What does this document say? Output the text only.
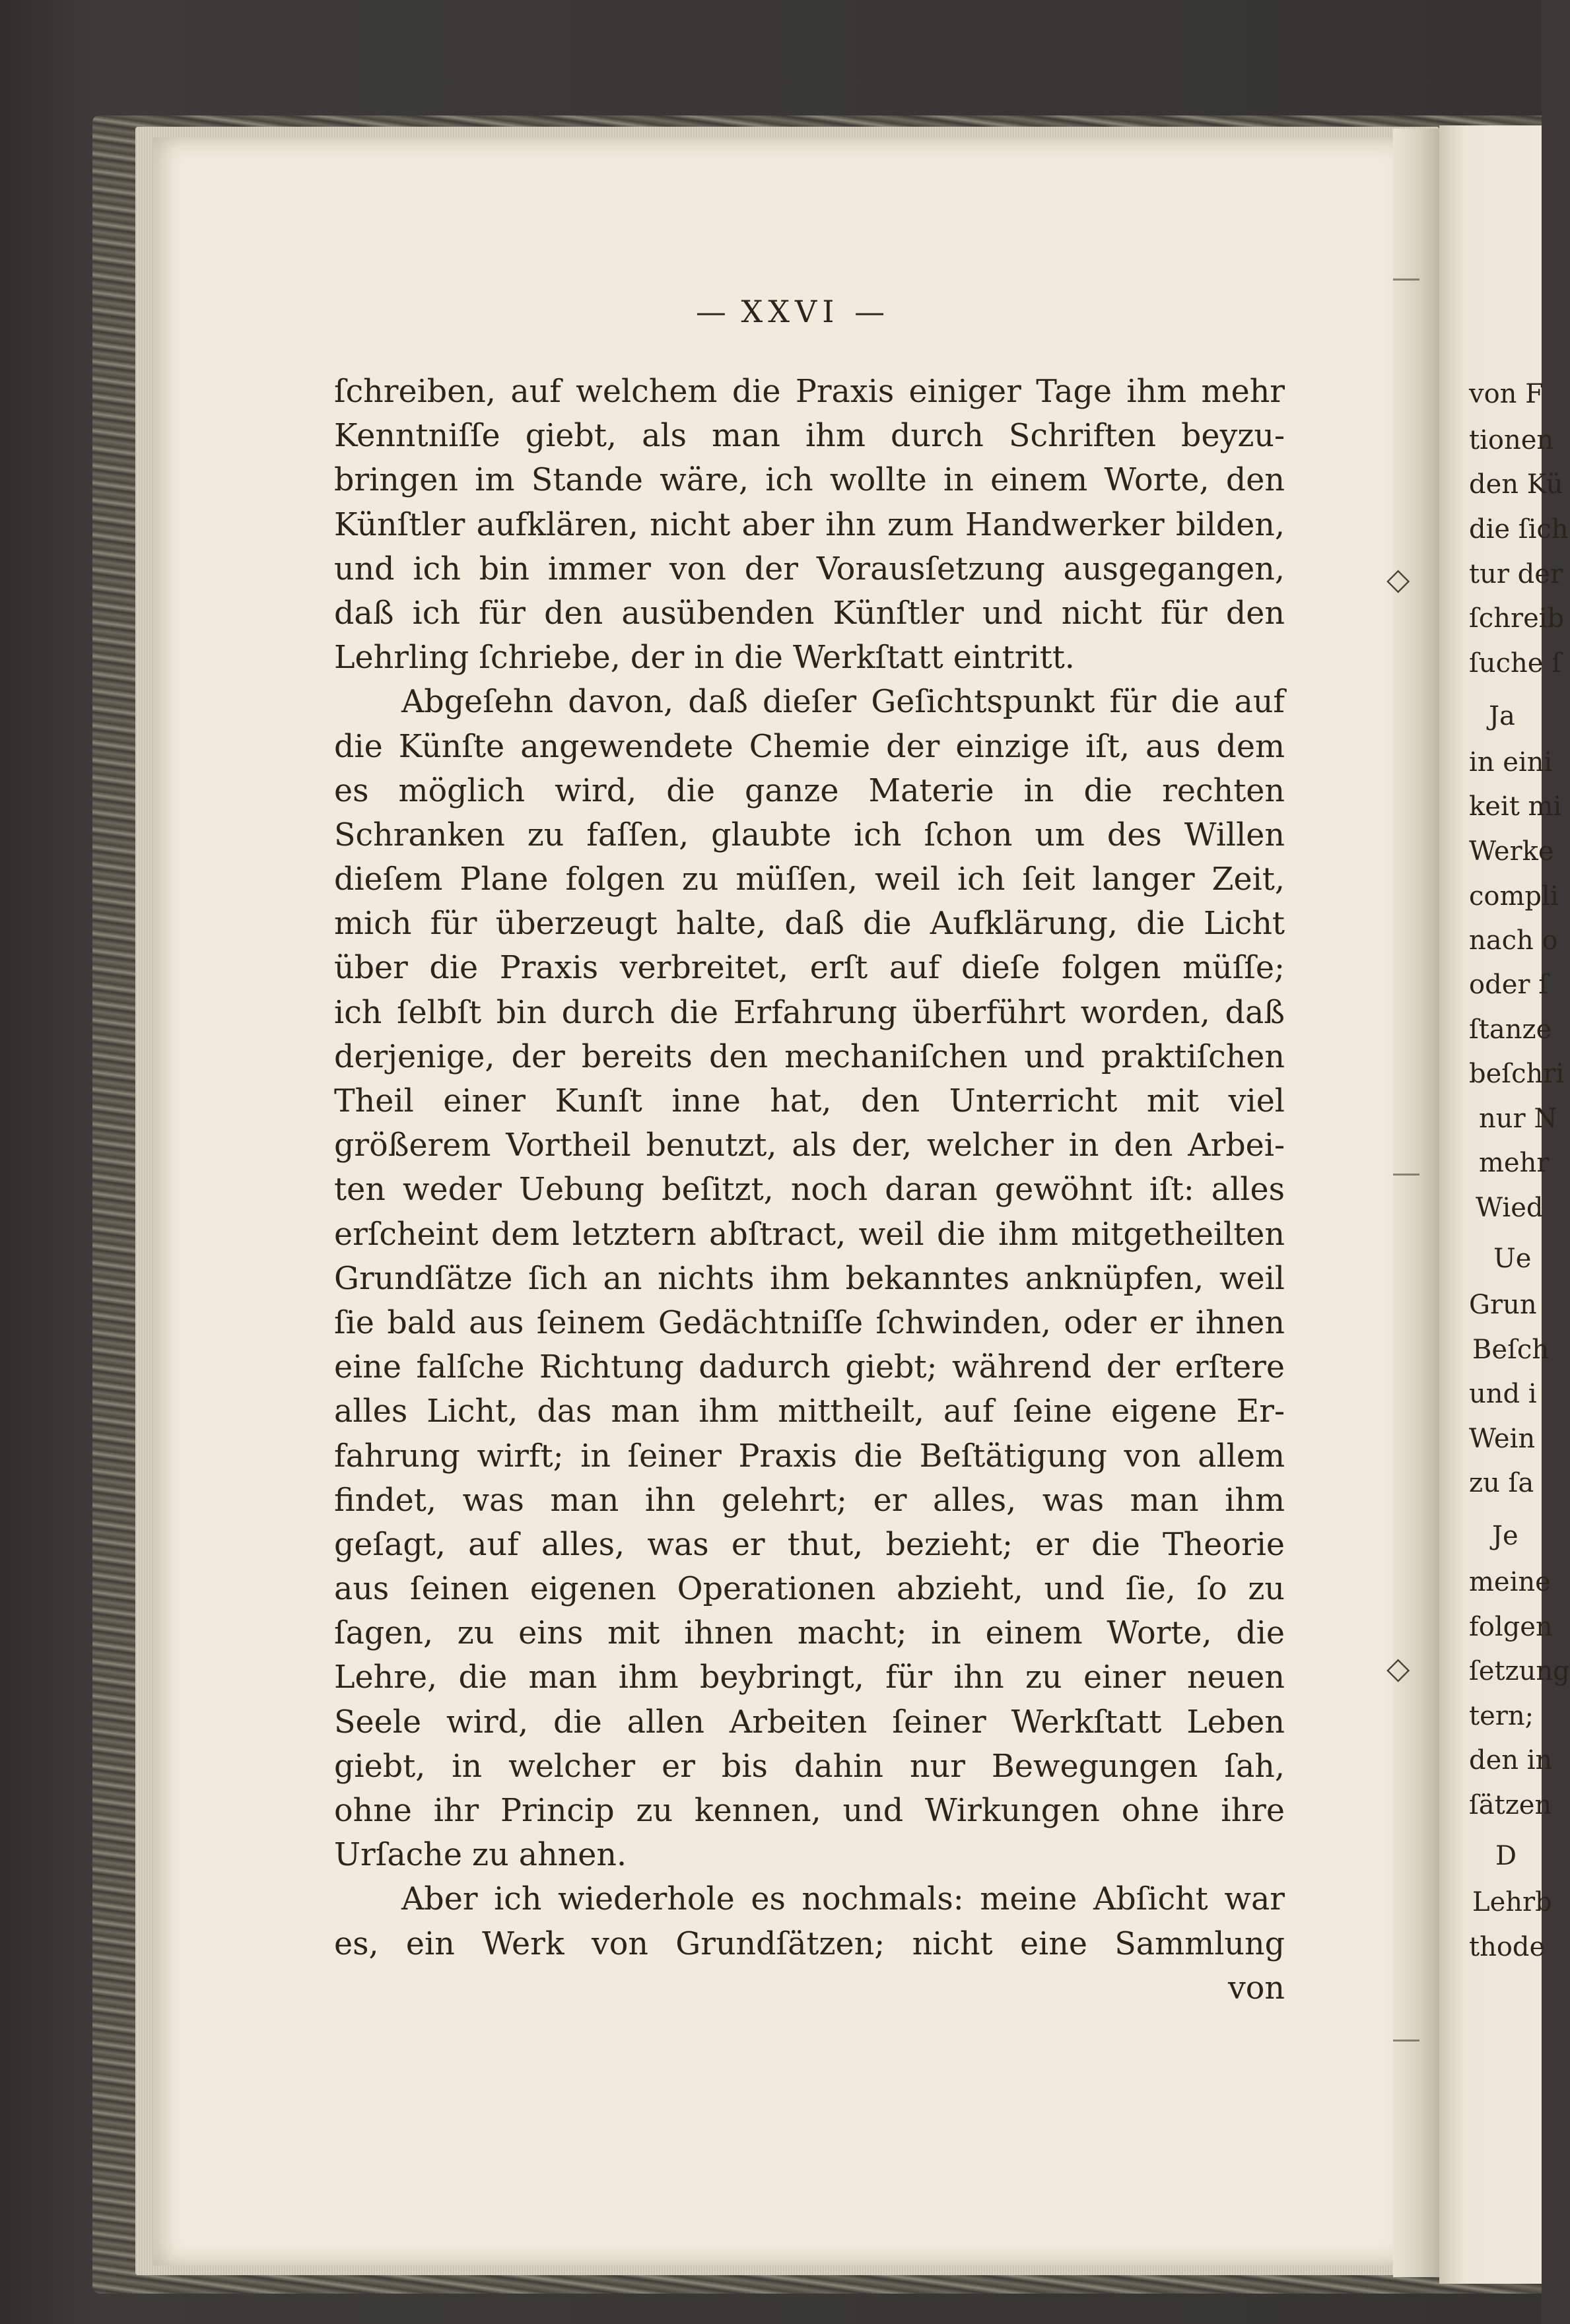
— XXVI —
ſchreiben, auf welchem die Praxis einiger Tage ihm mehr
Kenntniſſe giebt, als man ihm durch Schriften beyzu-
bringen im Stande wäre, ich wollte in einem Worte, den
Künſtler aufklären, nicht aber ihn zum Handwerker bilden,
und ich bin immer von der Vorausſetzung ausgegangen,
daß ich für den ausübenden Künſtler und nicht für den
Lehrling ſchriebe, der in die Werkſtatt eintritt.
Abgeſehn davon, daß dieſer Geſichtspunkt für die auf
die Künſte angewendete Chemie der einzige iſt, aus dem
es möglich wird, die ganze Materie in die rechten
Schranken zu faſſen, glaubte ich ſchon um des Willen
dieſem Plane folgen zu müſſen, weil ich ſeit langer Zeit,
mich für überzeugt halte, daß die Aufklärung, die Licht
über die Praxis verbreitet, erſt auf dieſe folgen müſſe;
ich ſelbſt bin durch die Erfahrung überführt worden, daß
derjenige, der bereits den mechaniſchen und praktiſchen
Theil einer Kunſt inne hat, den Unterricht mit viel
größerem Vortheil benutzt, als der, welcher in den Arbei-
ten weder Uebung beſitzt, noch daran gewöhnt iſt: alles
erſcheint dem letztern abſtract, weil die ihm mitgetheilten
Grundſätze ſich an nichts ihm bekanntes anknüpfen, weil
ſie bald aus ſeinem Gedächtniſſe ſchwinden, oder er ihnen
eine falſche Richtung dadurch giebt; während der erſtere
alles Licht, das man ihm mittheilt, auf ſeine eigene Er-
fahrung wirft; in ſeiner Praxis die Beſtätigung von allem
findet, was man ihn gelehrt; er alles, was man ihm
geſagt, auf alles, was er thut, bezieht; er die Theorie
aus ſeinen eigenen Operationen abzieht, und ſie, ſo zu
ſagen, zu eins mit ihnen macht; in einem Worte, die
Lehre, die man ihm beybringt, für ihn zu einer neuen
Seele wird, die allen Arbeiten ſeiner Werkſtatt Leben
giebt, in welcher er bis dahin nur Bewegungen ſah,
ohne ihr Princip zu kennen, und Wirkungen ohne ihre
Urſache zu ahnen.
Aber ich wiederhole es nochmals: meine Abſicht war
es, ein Werk von Grundſätzen; nicht eine Sammlung
von
von F
tionen
den Kü
die ſich
tur der
ſchreib
ſuche ſ
Ja
in eini
keit mi
Werke
compli
nach o
oder ſ
ſtanze
beſchri
nur N
mehr
Wied
Ue
Grun
Beſch
und i
Wein
zu ſa
Je
meine
folgen
ſetzung
tern;
den in
ſätzen
D
Lehrb
thode
◇
◇
